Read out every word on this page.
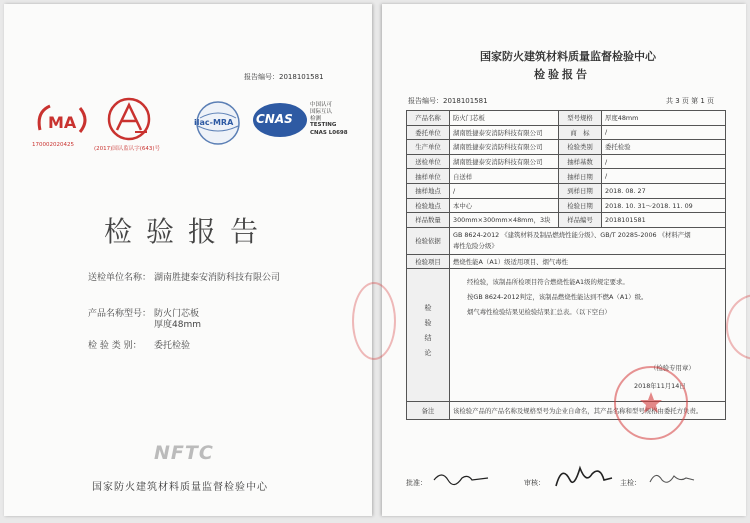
报告编号：2018101581
MA
170002020425
(2017)国认监认字(643)号
ilac-MRA CNAS
中国认可
国际互认
检测
TESTING
CNAS L0698
检验报告
送检单位名称： 湖南胜捷泰安消防科技有限公司
产品名称型号： 防火门芯板
厚度48mm
检 验 类 别： 委托检验
NFTC
国家防火建筑材料质量监督检验中心
国家防火建筑材料质量监督检验中心
检验报告
报告编号：2018101581	共 3 页 第 1 页
产品名称	防火门芯板	型号规格	厚度48mm
委托单位	湖南胜捷泰安消防科技有限公司	商　标	/
生产单位	湖南胜捷泰安消防科技有限公司	检验类别	委托检验
送检单位	湖南胜捷泰安消防科技有限公司	抽样基数	/
抽样单位	自送样	抽样日期	/
抽样地点	/	到样日期	2018. 08. 27
检验地点	本中心	检验日期	2018. 10. 31～2018. 11. 09
样品数量	300mm×300mm×48mm，3块	样品编号	2018101581
检验依据	GB 8624-2012 《建筑材料及制品燃烧性能分级》、GB/T 20285-2006 《材料产烟
毒性危险分级》		

检验项目	燃烧性能A（A1）级适用项目、烟气毒性		
检验结论	经检验，该制品所检项目符合燃烧性能A1级的规定要求。
按GB 8624-2012判定，该制品燃烧性能达到不燃A（A1）级。
烟气毒性检验结果见检验结果汇总表。（以下空白）
（检验专用章）
2018年11月14日		

备注	该检验产品的产品名称及规格型号为企业自命名，其产品名称和型号规格由委托方负责。		
批准：	审核：	主检：
